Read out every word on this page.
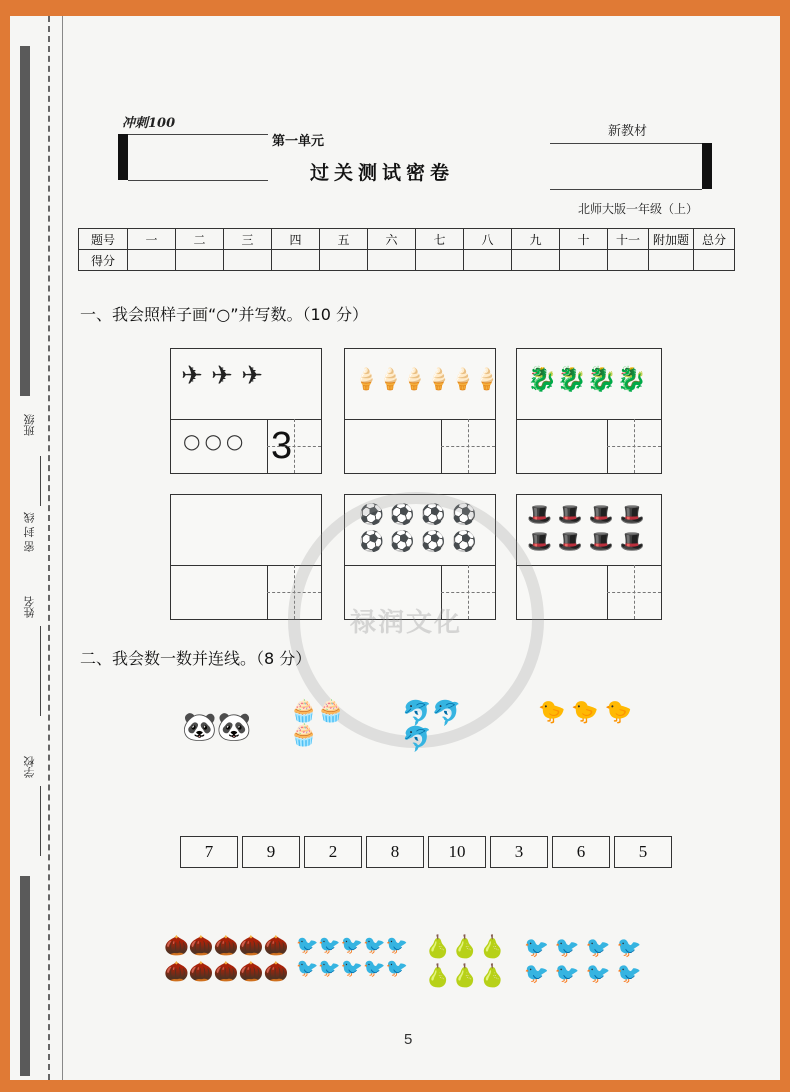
班级
密 封 线
姓名
学校
冲刺100
第一单元
过关测试密卷
新教材
北师大版一年级（上）
题号	一	二	三	四	五	六	七	八	九	十	十一	附加题	总分
得分													
一、我会照样子画“○”并写数。（10 分）
✈ ✈ ✈
○○○ 3
🍦🍦🍦🍦🍦🍦 🐉🐉🐉🐉
⚽⚽⚽⚽
⚽⚽⚽⚽
🎩🎩🎩🎩
🎩🎩🎩🎩
禄润文化
二、我会数一数并连线。（8 分）
🐼🐼 🧁🧁🧁
🐬🐬🐬
🐤🐤🐤
7	9	2	8	10	3	6	5
🌰🌰🌰🌰🌰
🌰🌰🌰🌰🌰
🐦🐦🐦🐦🐦
🐦🐦🐦🐦🐦
🍐🍐🍐
🍐🍐🍐
🐦🐦🐦🐦
🐦🐦🐦🐦
5
